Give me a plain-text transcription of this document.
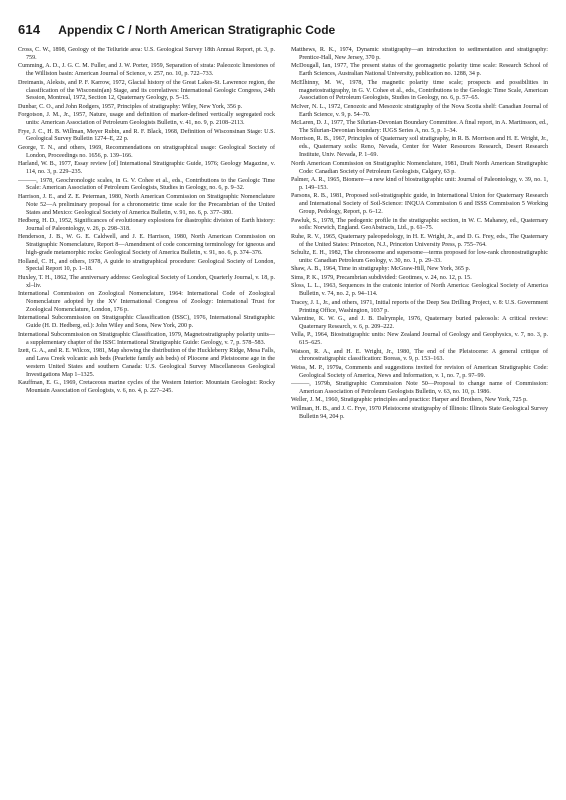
614 Appendix C / North American Stratigraphic Code

Cross, C. W., 1898, Geology of the Telluride area: U.S. Geological Survey 18th Annual Report, pt. 3, p. 759.

Cumming, A. D., J. G. C. M. Fuller, and J. W. Porter, 1959, Separation of strata: Paleozoic limestones of the Williston basin: American Journal of Science, v. 257, no. 10, p. 722–733.

Dreimanis, Aleksis, and P. F. Karrow, 1972, Glacial history of the Great Lakes-St. Lawrence region, the classification of the Wisconsin(an) Stage, and its correlatives: International Geologic Congress, 24th Session, Montreal, 1972, Section 12, Quaternary Geology, p. 5–15.

Dunbar, C. O., and John Rodgers, 1957, Principles of stratigraphy: Wiley, New York, 356 p.

Forgotson, J. M., Jr., 1957, Nature, usage and definition of marker-defined vertically segregated rock units: American Association of Petroleum Geologists Bulletin, v. 41, no. 9, p. 2108–2113.

Frye, J. C., H. B. Willman, Meyer Rubin, and R. F. Black, 1968, Definition of Wisconsinan Stage: U.S. Geological Survey Bulletin 1274–E, 22 p.

George, T. N., and others, 1969, Recommendations on stratigraphical usage: Geological Society of London, Proceedings no. 1656, p. 139–166.

Harland, W. B., 1977, Essay review [of] International Stratigraphic Guide, 1976; Geology Magazine, v. 114, no. 3, p. 229–235.

———, 1978, Geochronologic scales, in G. V. Cohee et al., eds., Contributions to the Geologic Time Scale: American Association of Petroleum Geologists, Studies in Geology, no. 6, p. 9–32.

Harrison, J. E., and Z. E. Peterman, 1980, North American Commission on Stratigraphic Nomenclature Note 52—A preliminary proposal for a chronometric time scale for the Precambrian of the United States and Mexico: Geological Society of America Bulletin, v. 91, no. 6, p. 377–380.

Hedberg, H. D., 1952, Significances of evolutionary explosions for diastrophic division of Earth history: Journal of Paleontology, v. 26, p. 298–318.

Henderson, J. B., W. G. E. Caldwell, and J. E. Harrison, 1980, North American Commission on Stratigraphic Nomenclature, Report 8—Amendment of code concerning terminology for igneous and high-grade metamorphic rocks: Geological Society of America Bulletin, v. 91, no. 6, p. 374–376.

Holland, C. H., and others, 1978, A guide to stratigraphical procedure: Geological Society of London, Special Report 10, p. 1–18.

Huxley, T. H., 1862, The anniversary address: Geological Society of London, Quarterly Journal, v. 18, p. xl–liv.

International Commission on Zoological Nomenclature, 1964: International Code of Zoological Nomenclature adopted by the XV International Congress of Zoology: International Trust for Zoological Nomenclature, London, 176 p.

International Subcommission on Stratigraphic Classification (ISSC), 1976, International Stratigraphic Guide (H. D. Hedberg, ed.): John Wiley and Sons, New York, 200 p.

International Subcommission on Stratigraphic Classification, 1979, Magnetostratigraphy polarity units—a supplementary chapter of the ISSC International Stratigraphic Guide: Geology, v. 7, p. 578–583.

Izett, G. A., and R. E. Wilcox, 1981, Map showing the distribution of the Huckleberry Ridge, Mesa Falls, and Lava Creek volcanic ash beds (Pearlette family ash beds) of Pliocene and Pleistocene age in the western United States and southern Canada: U.S. Geological Survey Miscellaneous Geological Investigations Map 1–1325.

Kauffman, E. G., 1969, Cretaceous marine cycles of the Western Interior: Mountain Geologist: Rocky Mountain Association of Geologists, v. 6, no. 4, p. 227–245.

Matthews, R. K., 1974, Dynamic stratigraphy—an introduction to sedimentation and stratigraphy: Prentice-Hall, New Jersey, 370 p.

McDougall, Ian, 1977, The present status of the geomagnetic polarity time scale: Research School of Earth Sciences, Australian National University, publication no. 1288, 34 p.

McElhinny, M. W., 1978, The magnetic polarity time scale; prospects and possibilities in magnetostratigraphy, in G. V. Cohee et al., eds., Contributions to the Geologic Time Scale, American Association of Petroleum Geologists, Studies in Geology, no. 6, p. 57–65.

McIver, N. L., 1972, Cenozoic and Mesozoic stratigraphy of the Nova Scotia shelf: Canadian Journal of Earth Science, v. 9, p. 54–70.

McLaren, D. J., 1977, The Silurian-Devonian Boundary Committee. A final report, in A. Martinsson, ed., The Silurian-Devonian boundary: IUGS Series A, no. 5, p. 1–34.

Morrison, R. B., 1967, Principles of Quaternary soil stratigraphy, in R. B. Morrison and H. E. Wright, Jr., eds., Quaternary soils: Reno, Nevada, Center for Water Resources Research, Desert Research Institute, Univ. Nevada, P. 1–69.

North American Commission on Stratigraphic Nomenclature, 1981, Draft North American Stratigraphic Code: Canadian Society of Petroleum Geologists, Calgary, 63 p.

Palmer, A. R., 1965, Biomere—a new kind of biostratigraphic unit: Journal of Paleontology, v. 39, no. 1, p. 149–153.

Parsons, R. B., 1981, Proposed soil-stratigraphic guide, in International Union for Quaternary Research and International Society of Soil-Science: INQUA Commission 6 and ISSS Commission 5 Working Group, Pedology, Report, p. 6–12.

Pawluk, S., 1978, The pedogenic profile in the stratigraphic section, in W. C. Mahaney, ed., Quaternary soils: Norwich, England. GeoAbstracts, Ltd., p. 61–75.

Ruhe, R. V., 1965, Quaternary paleopedology, in H. E. Wright, Jr., and D. G. Frey, eds., The Quaternary of the United States: Princeton, N.J., Princeton University Press, p. 755–764.

Schultz, E. H., 1982, The chronosome and supersome—terms proposed for low-rank chronostratigraphic units: Canadian Petroleum Geology, v. 30, no. 1, p. 29–33.

Shaw, A. B., 1964, Time in stratigraphy: McGraw-Hill, New York, 365 p.

Sims, P. K., 1979, Precambrian subdivided: Geotimes, v. 24, no. 12, p. 15.

Sloss, L. L., 1963, Sequences in the cratonic interior of North America: Geological Society of America Bulletin, v. 74, no. 2, p. 94–114.

Tracey, J. I., Jr., and others, 1971, Initial reports of the Deep Sea Drilling Project, v. 8: U.S. Government Printing Office, Washington, 1037 p.

Valentine, K. W. G., and J. B. Dalrymple, 1976, Quaternary buried paleosols: A critical review: Quaternary Research, v. 6, p. 209–222.

Vella, P., 1964, Biostratigraphic units: New Zealand Journal of Geology and Geophysics, v. 7, no. 3, p. 615–625.

Watson, R. A., and H. E. Wright, Jr., 1980, The end of the Pleistocene: A general critique of chronostratigraphic classification: Boreas, v. 9, p. 153–163.

Weiss, M. P., 1979a, Comments and suggestions invited for revision of American Stratigraphic Code: Geological Society of America, News and Information, v. 1, no. 7, p. 97–99.

———, 1979b, Stratigraphic Commission Note 50—Proposal to change name of Commission: American Association of Petroleum Geologists Bulletin, v. 63, no. 10, p. 1986.

Weller, J. M., 1960, Stratigraphic principles and practice: Harper and Brothers, New York, 725 p.

Willman, H. B., and J. C. Frye, 1970 Pleistocene stratigraphy of Illinois: Illinois State Geological Survey Bulletin 94, 204 p.
